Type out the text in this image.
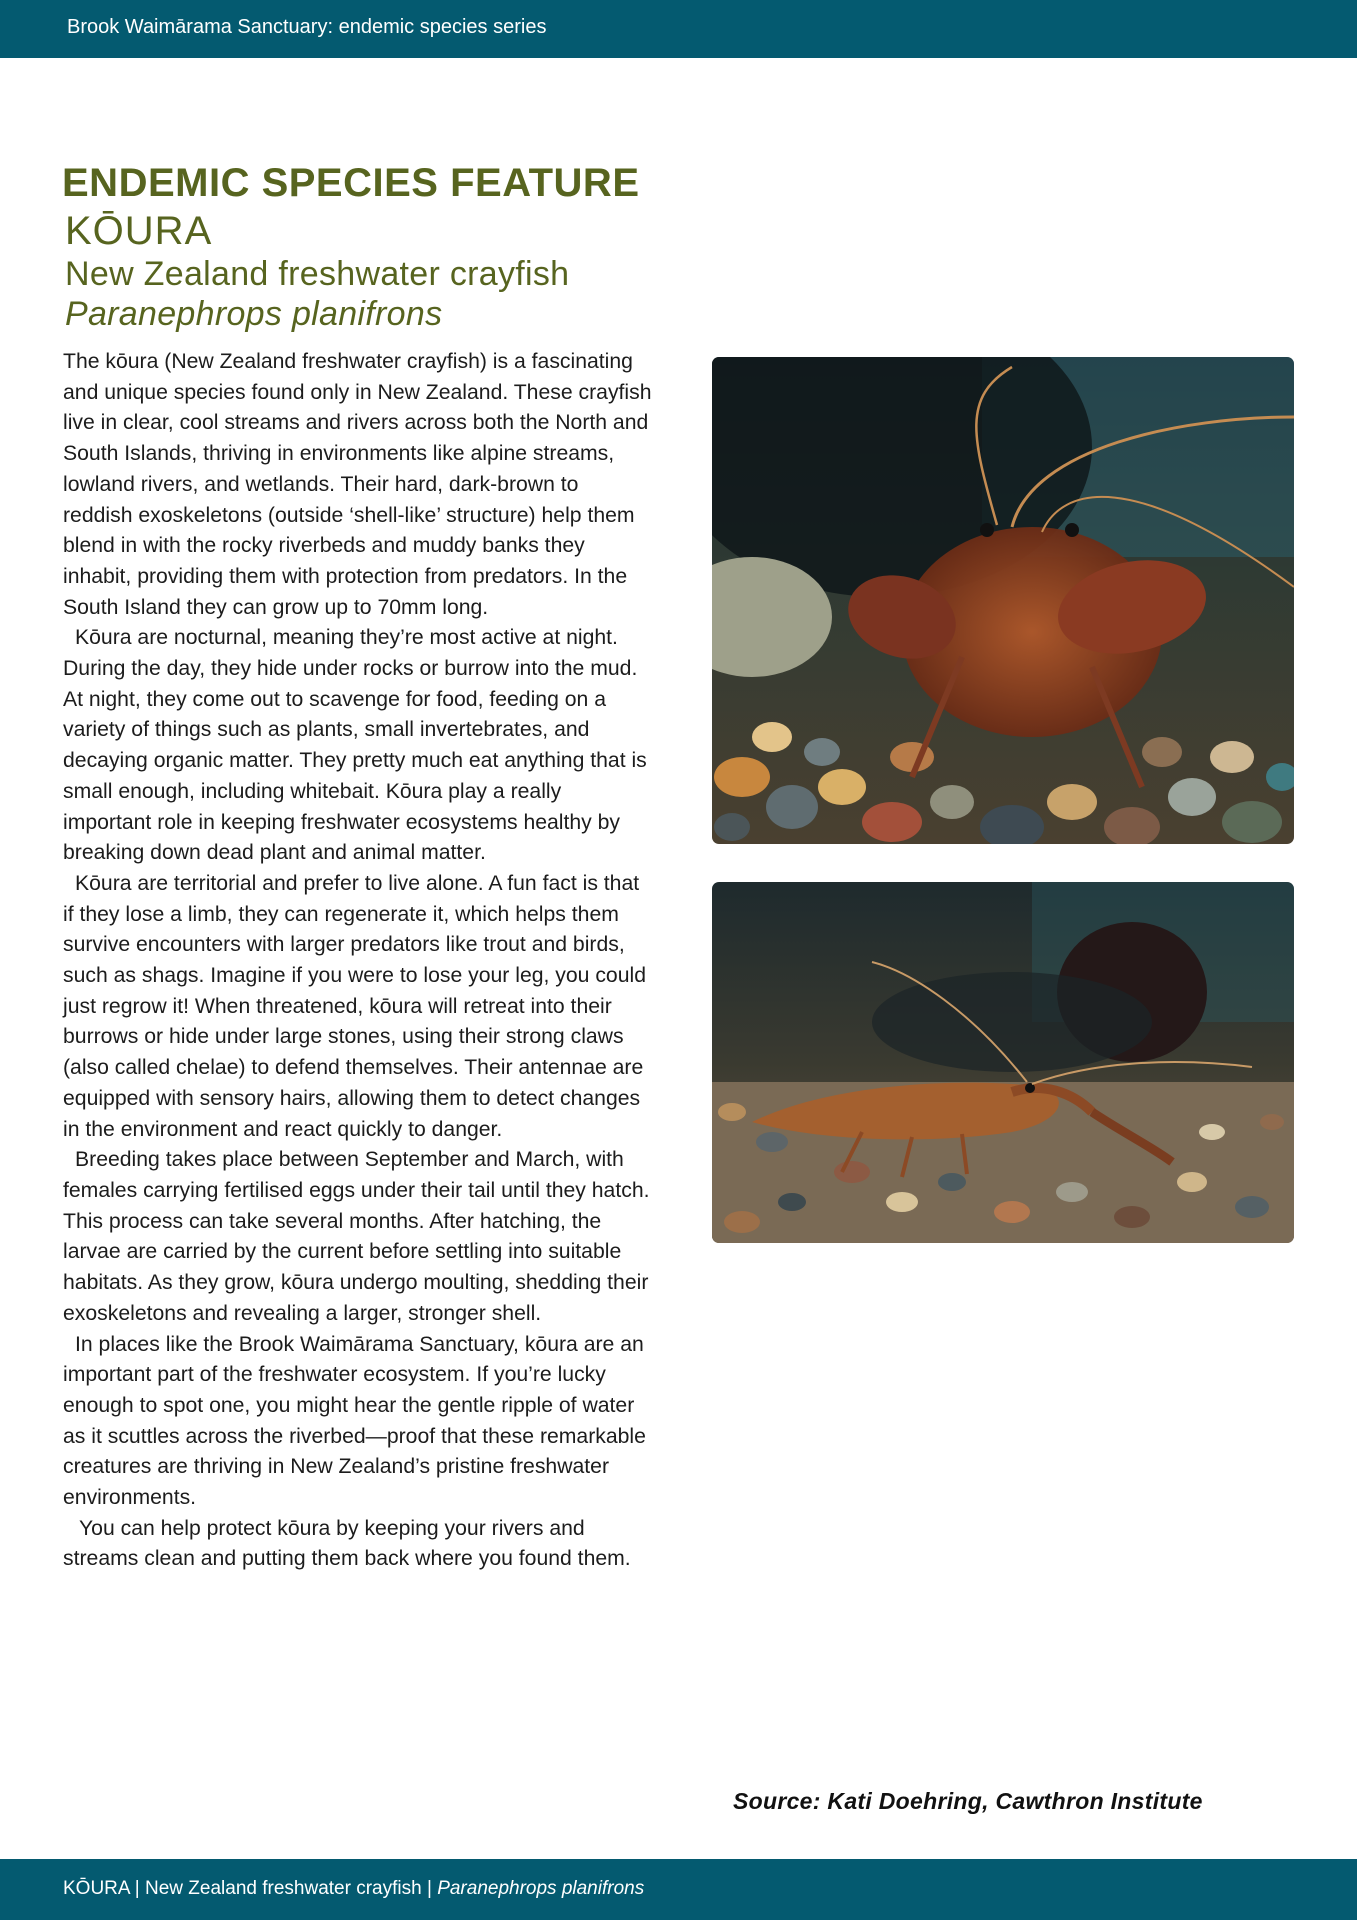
Brook Waimārama Sanctuary: endemic species series
ENDEMIC SPECIES FEATURE
KŌURA
New Zealand freshwater crayfish
Paranephrops planifrons

The kōura (New Zealand freshwater crayfish) is a fascinating and unique species found only in New Zealand. These crayfish live in clear, cool streams and rivers across both the North and South Islands, thriving in environments like alpine streams, lowland rivers, and wetlands. Their hard, dark-brown to reddish exoskeletons (outside ‘shell-like’ structure) help them blend in with the rocky riverbeds and muddy banks they inhabit, providing them with protection from predators. In the South Island they can grow up to 70mm long.

Kōura are nocturnal, meaning they’re most active at night. During the day, they hide under rocks or burrow into the mud. At night, they come out to scavenge for food, feeding on a variety of things such as plants, small invertebrates, and decaying organic matter. They pretty much eat anything that is small enough, including whitebait. Kōura play a really important role in keeping freshwater ecosystems healthy by breaking down dead plant and animal matter.

Kōura are territorial and prefer to live alone. A fun fact is that if they lose a limb, they can regenerate it, which helps them survive encounters with larger predators like trout and birds, such as shags. Imagine if you were to lose your leg, you could just regrow it! When threatened, kōura will retreat into their burrows or hide under large stones, using their strong claws (also called chelae) to defend themselves. Their antennae are equipped with sensory hairs, allowing them to detect changes in the environment and react quickly to danger.

Breeding takes place between September and March, with females carrying fertilised eggs under their tail until they hatch. This process can take several months. After hatching, the larvae are carried by the current before settling into suitable habitats. As they grow, kōura undergo moulting, shedding their exoskeletons and revealing a larger, stronger shell.

In places like the Brook Waimārama Sanctuary, kōura are an important part of the freshwater ecosystem. If you’re lucky enough to spot one, you might hear the gentle ripple of water as it scuttles across the riverbed—proof that these remarkable creatures are thriving in New Zealand’s pristine freshwater environments.

You can help protect kōura by keeping your rivers and streams clean and putting them back where you found them.

Source: Kati Doehring, Cawthron Institute
KŌURA | New Zealand freshwater crayfish | Paranephrops planifrons
